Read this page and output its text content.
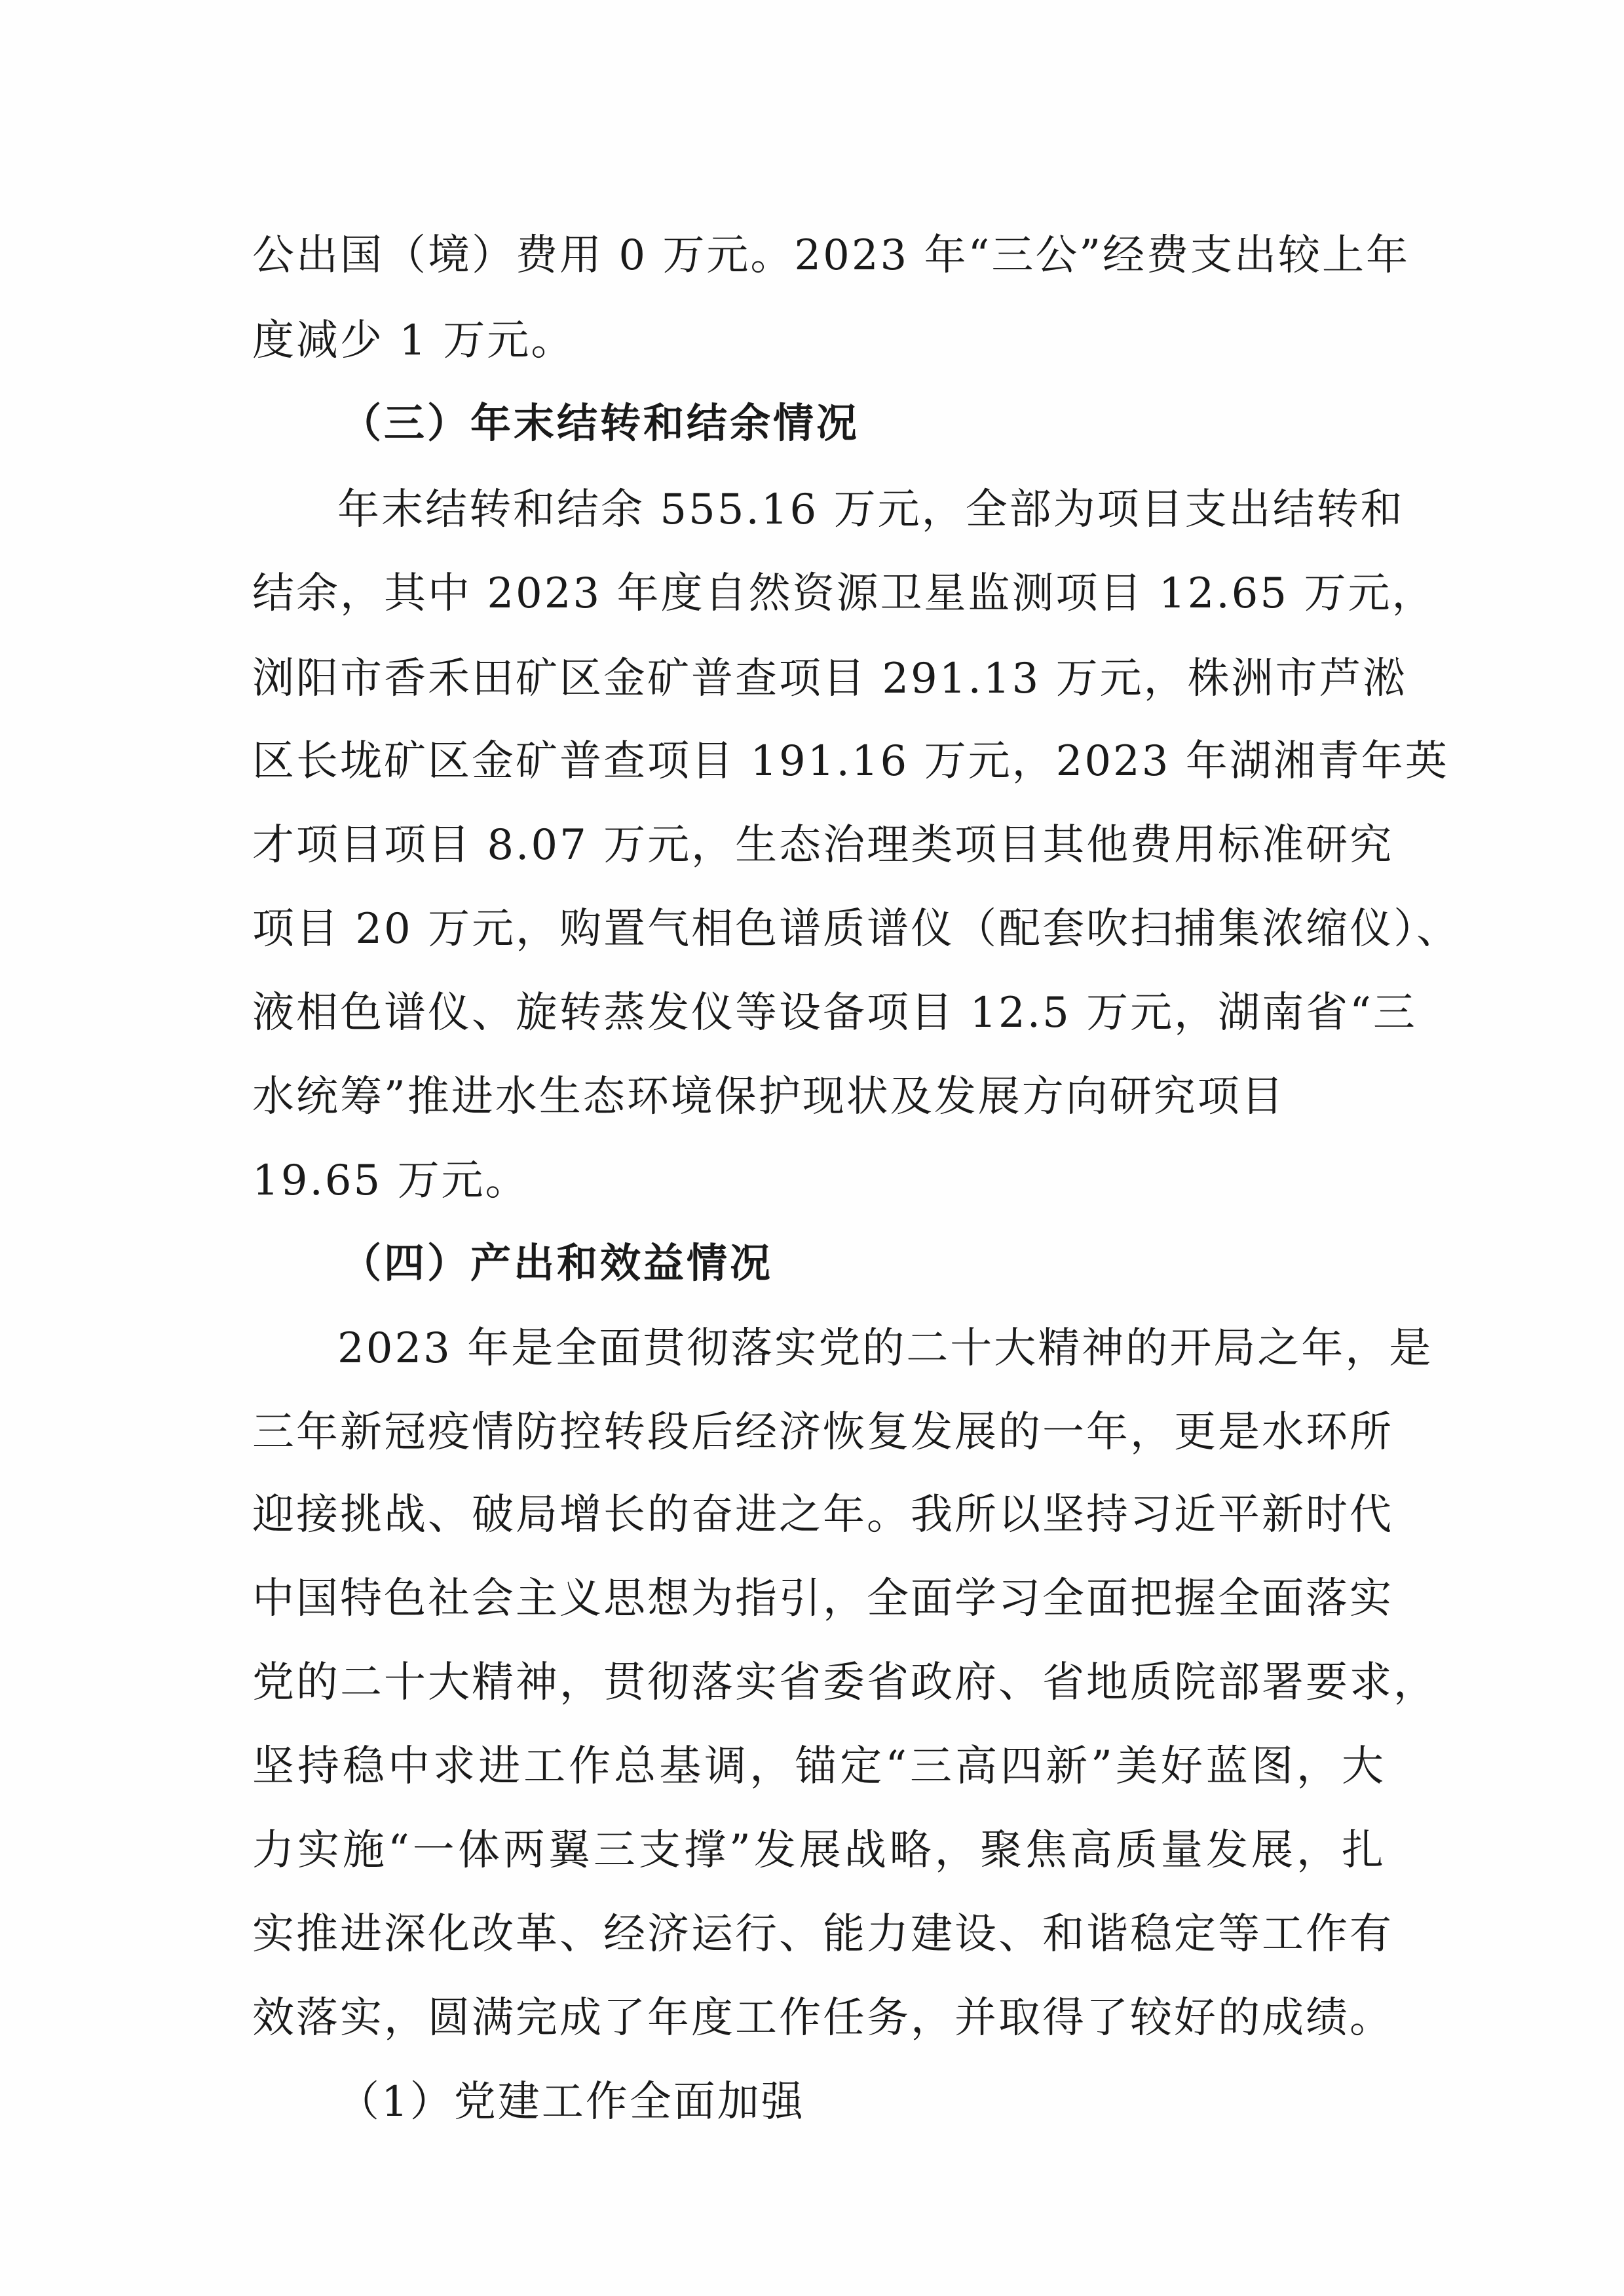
公出国（境）费用 0 万元。2023 年“三公”经费支出较上年
度减少 1 万元。
（三）年末结转和结余情况
年末结转和结余 555.16 万元，全部为项目支出结转和
结余，其中 2023 年度自然资源卫星监测项目 12.65 万元，
浏阳市香禾田矿区金矿普查项目 291.13 万元，株洲市芦淞
区长垅矿区金矿普查项目 191.16 万元，2023 年湖湘青年英
才项目项目 8.07 万元，生态治理类项目其他费用标准研究
项目 20 万元，购置气相色谱质谱仪（配套吹扫捕集浓缩仪）、
液相色谱仪、旋转蒸发仪等设备项目 12.5 万元，湖南省“三
水统筹”推进水生态环境保护现状及发展方向研究项目
19.65 万元。
（四）产出和效益情况
2023 年是全面贯彻落实党的二十大精神的开局之年，是
三年新冠疫情防控转段后经济恢复发展的一年，更是水环所
迎接挑战、破局增长的奋进之年。我所以坚持习近平新时代
中国特色社会主义思想为指引，全面学习全面把握全面落实
党的二十大精神，贯彻落实省委省政府、省地质院部署要求，
坚持稳中求进工作总基调，锚定“三高四新”美好蓝图，大
力实施“一体两翼三支撑”发展战略，聚焦高质量发展，扎
实推进深化改革、经济运行、能力建设、和谐稳定等工作有
效落实，圆满完成了年度工作任务，并取得了较好的成绩。
（1）党建工作全面加强
